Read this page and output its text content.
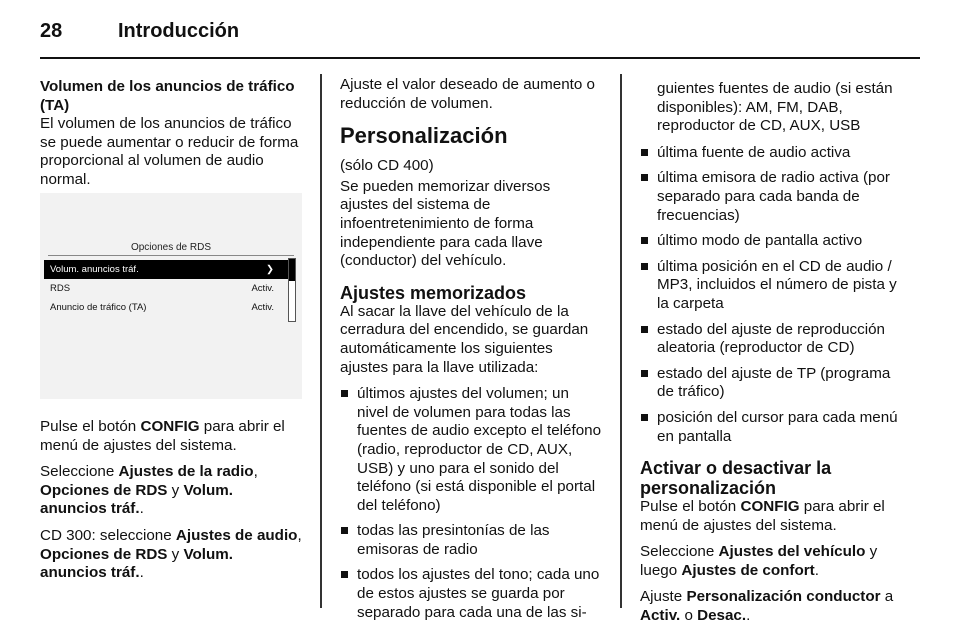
28	Introducción

Volumen de los anuncios de tráfico (TA)

El volumen de los anuncios de tráfico se puede aumentar o reducir de forma proporcional al volumen de audio normal.

Opciones de RDS
Volum. anuncios tráf.	❯
RDS	Activ.
Anuncio de tráfico (TA)	Activ.

Pulse el botón CONFIG para abrir el menú de ajustes del sistema.

Seleccione Ajustes de la radio, Opciones de RDS y Volum. anuncios tráf..

CD 300: seleccione Ajustes de audio, Opciones de RDS y Volum. anuncios tráf..

Ajuste el valor deseado de aumento o reducción de volumen.

Personalización

(sólo CD 400)

Se pueden memorizar diversos ajustes del sistema de infoentretenimiento de forma independiente para cada llave (conductor) del vehículo.

Ajustes memorizados

Al sacar la llave del vehículo de la cerradura del encendido, se guardan automáticamente los siguientes ajustes para la llave utilizada:

últimos ajustes del volumen; un nivel de volumen para todas las fuentes de audio excepto el teléfono (radio, reproductor de CD, AUX, USB) y uno para el sonido del teléfono (si está disponible el portal del teléfono)
todas las presintonías de las emisoras de radio
todos los ajustes del tono; cada uno de estos ajustes se guarda por separado para cada una de las si-

guientes fuentes de audio (si están disponibles): AM, FM, DAB, reproductor de CD, AUX, USB

última fuente de audio activa
última emisora de radio activa (por separado para cada banda de frecuencias)
último modo de pantalla activo
última posición en el CD de audio / MP3, incluidos el número de pista y la carpeta
estado del ajuste de reproducción aleatoria (reproductor de CD)
estado del ajuste de TP (programa de tráfico)
posición del cursor para cada menú en pantalla
Activar o desactivar la personalización

Pulse el botón CONFIG para abrir el menú de ajustes del sistema.

Seleccione Ajustes del vehículo y luego Ajustes de confort.

Ajuste Personalización conductor a Activ. o Desac..
